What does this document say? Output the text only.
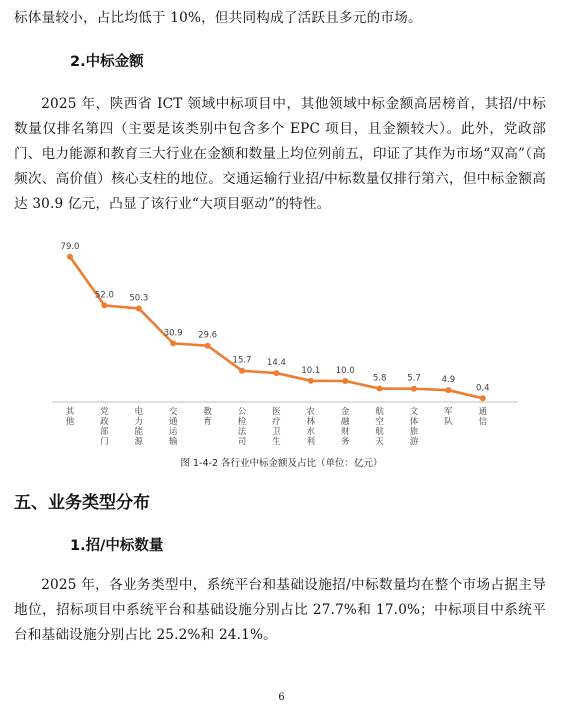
标体量较小，占比均低于 10%，但共同构成了活跃且多元的市场。

2.中标金额

2025 年，陕西省 ICT 领域中标项目中，其他领域中标金额高居榜首，其招/中标数量仅排名第四（主要是该类别中包含多个 EPC 项目，且金额较大）。此外，党政部门、电力能源和教育三大行业在金额和数量上均位列前五，印证了其作为市场“双高”（高频次、高价值）核心支柱的地位。交通运输行业招/中标数量仅排行第六，但中标金额高达 30.9 亿元，凸显了该行业“大项目驱动”的特性。

79.0
52.0 50.3
30.9 29.6
15.7 14.4
10.1 10.0
5.8 5.7 4.9
0.4
其他
党政部门
电力能源
交通运输
教育
公检法司
医疗卫生
农林水利
金融财务
航空航天
文体旅游
军队
通信
图 1-4-2 各行业中标金额及占比（单位：亿元）
五、业务类型分布
1.招/中标数量

2025 年，各业务类型中，系统平台和基础设施招/中标数量均在整个市场占据主导地位，招标项目中系统平台和基础设施分别占比 27.7%和 17.0%；中标项目中系统平台和基础设施分别占比 25.2%和 24.1%。

6
